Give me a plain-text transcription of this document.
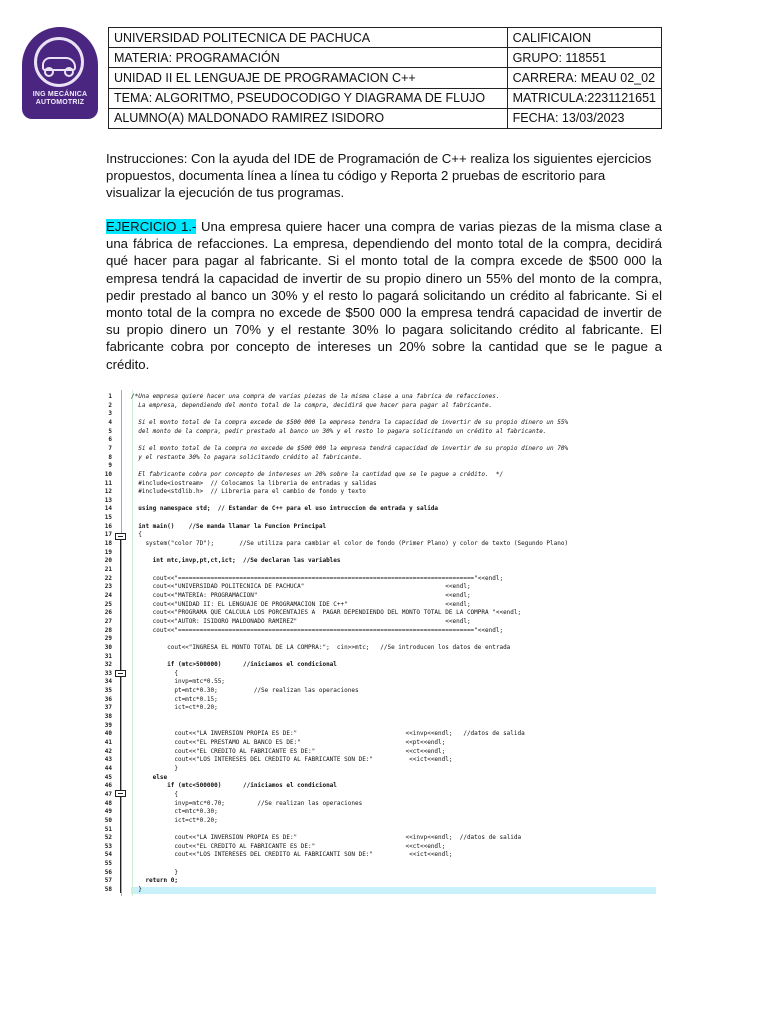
ING MECÁNICA
AUTOMOTRIZ
UNIVERSIDAD POLITECNICA DE PACHUCA	CALIFICAION
MATERIA: PROGRAMACIÓN	GRUPO: 118551
UNIDAD II EL LENGUAJE DE PROGRAMACION C++	CARRERA: MEAU 02_02
TEMA: ALGORITMO, PSEUDOCODIGO Y DIAGRAMA DE FLUJO	MATRICULA:2231121651
ALUMNO(A) MALDONADO RAMIREZ ISIDORO	FECHA: 13/03/2023

Instrucciones: Con la ayuda del IDE de Programación de C++ realiza los siguientes ejercicios propuestos, documenta línea a línea tu código y Reporta 2 pruebas de escritorio para visualizar la ejecución de tus programas.

EJERCICIO 1.- Una empresa quiere hacer una compra de varias piezas de la misma clase a una fábrica de refacciones. La empresa, dependiendo del monto total de la compra, decidirá qué hacer para pagar al fabricante. Si el monto total de la compra excede de $500 000 la empresa tendrá la capacidad de invertir de su propio dinero un 55% del monto de la compra, pedir prestado al banco un 30% y el resto lo pagará solicitando un crédito al fabricante. Si el monto total de la compra no excede de $500 000 la empresa tendrá capacidad de invertir de su propio dinero un 70% y el restante 30% lo pagara solicitando crédito al fabricante. El fabricante cobra por concepto de intereses un 20% sobre la cantidad que se le pague a crédito.

1	/*Una empresa quiere hacer una compra de varias piezas de la misma clase a una fabrica de refacciones.
2	La empresa, dependiendo del monto total de la compra, decidirá que hacer para pagar al fabricante.
3
4	Si el monto total de la compra excede de $500 000 la empresa tendra la capacidad de invertir de su propio dinero un 55%
5	del monto de la compra, pedir prestado al banco un 30% y el resto lo pagara solicitando un crédito al fabricante.
6
7	Si el monto total de la compra no excede de $500 000 la empresa tendrá capacidad de invertir de su propio dinero un 70%
8	y el restante 30% lo pagara solicitando crédito al fabricante.
9
10	El fabricante cobra por concepto de intereses un 20% sobre la cantidad que se le pague a crédito.  */
11	#include<iostream>  // Colocamos la libreria de entradas y salidas
12	#include<stdlib.h>  // Libreria para el cambio de fondo y texto
13
14	using namespace std;  // Estandar de C++ para el uso intruccion de entrada y salida
15
16	int main()    //Se manda llamar la Funcion Principal
17	{
18	system("color 7D");       //Se utiliza para cambiar el color de fondo (Primer Plano) y color de texto (Segundo Plano)
19
20	int mtc,invp,pt,ct,ict;  //Se declaran las variables
21
22	cout<<"=================================================================================="<<endl;
23	cout<<"UNIVERSIDAD POLITECNICA DE PACHUCA"                                       <<endl;
24	cout<<"MATERIA: PROGRAMACION"                                                    <<endl;
25	cout<<"UNIDAD II: EL LENGUAJE DE PROGRAMACION IDE C++"                           <<endl;
26	cout<<"PROGRAMA QUE CALCULA LOS PORCENTAJES A  PAGAR DEPENDIENDO DEL MONTO TOTAL DE LA COMPRA "<<endl;
27	cout<<"AUTOR: ISIDORO MALDONADO RAMIREZ"                                         <<endl;
28	cout<<"=================================================================================="<<endl;
29
30	cout<<"INGRESA EL MONTO TOTAL DE LA COMPRA:";  cin>>mtc;   //Se introducen los datos de entrada
31
32	if (mtc>500000)      //iniciamos el condicional
33	{
34	invp=mtc*0.55;
35	pt=mtc*0.30;          //Se realizan las operaciones
36	ct=mtc*0.15;
37	ict=ct*0.20;
38
39
40	cout<<"LA INVERSION PROPIA ES DE:"                              <<invp<<endl;   //datos de salida
41	cout<<"EL PRESTAMO AL BANCO ES DE:"                             <<pt<<endl;
42	cout<<"EL CREDITO AL FABRICANTE ES DE:"                         <<ct<<endl;
43	cout<<"LOS INTERESES DEL CREDITO AL FABRICANTE SON DE:"          <<ict<<endl;
44	}
45	else
46	if (mtc<500000)      //iniciamos el condicional
47	{
48	invp=mtc*0.70;         //Se realizan las operaciones
49	ct=mtc*0.30;
50	ict=ct*0.20;
51
52	cout<<"LA INVERSION PROPIA ES DE:"                              <<invp<<endl;  //datos de salida
53	cout<<"EL CREDITO AL FABRICANTE ES DE:"                         <<ct<<endl;
54	cout<<"LOS INTERESES DEL CREDITO AL FABRICANTI SON DE:"          <<ict<<endl;
55
56	}
57	return 0;
58	}
